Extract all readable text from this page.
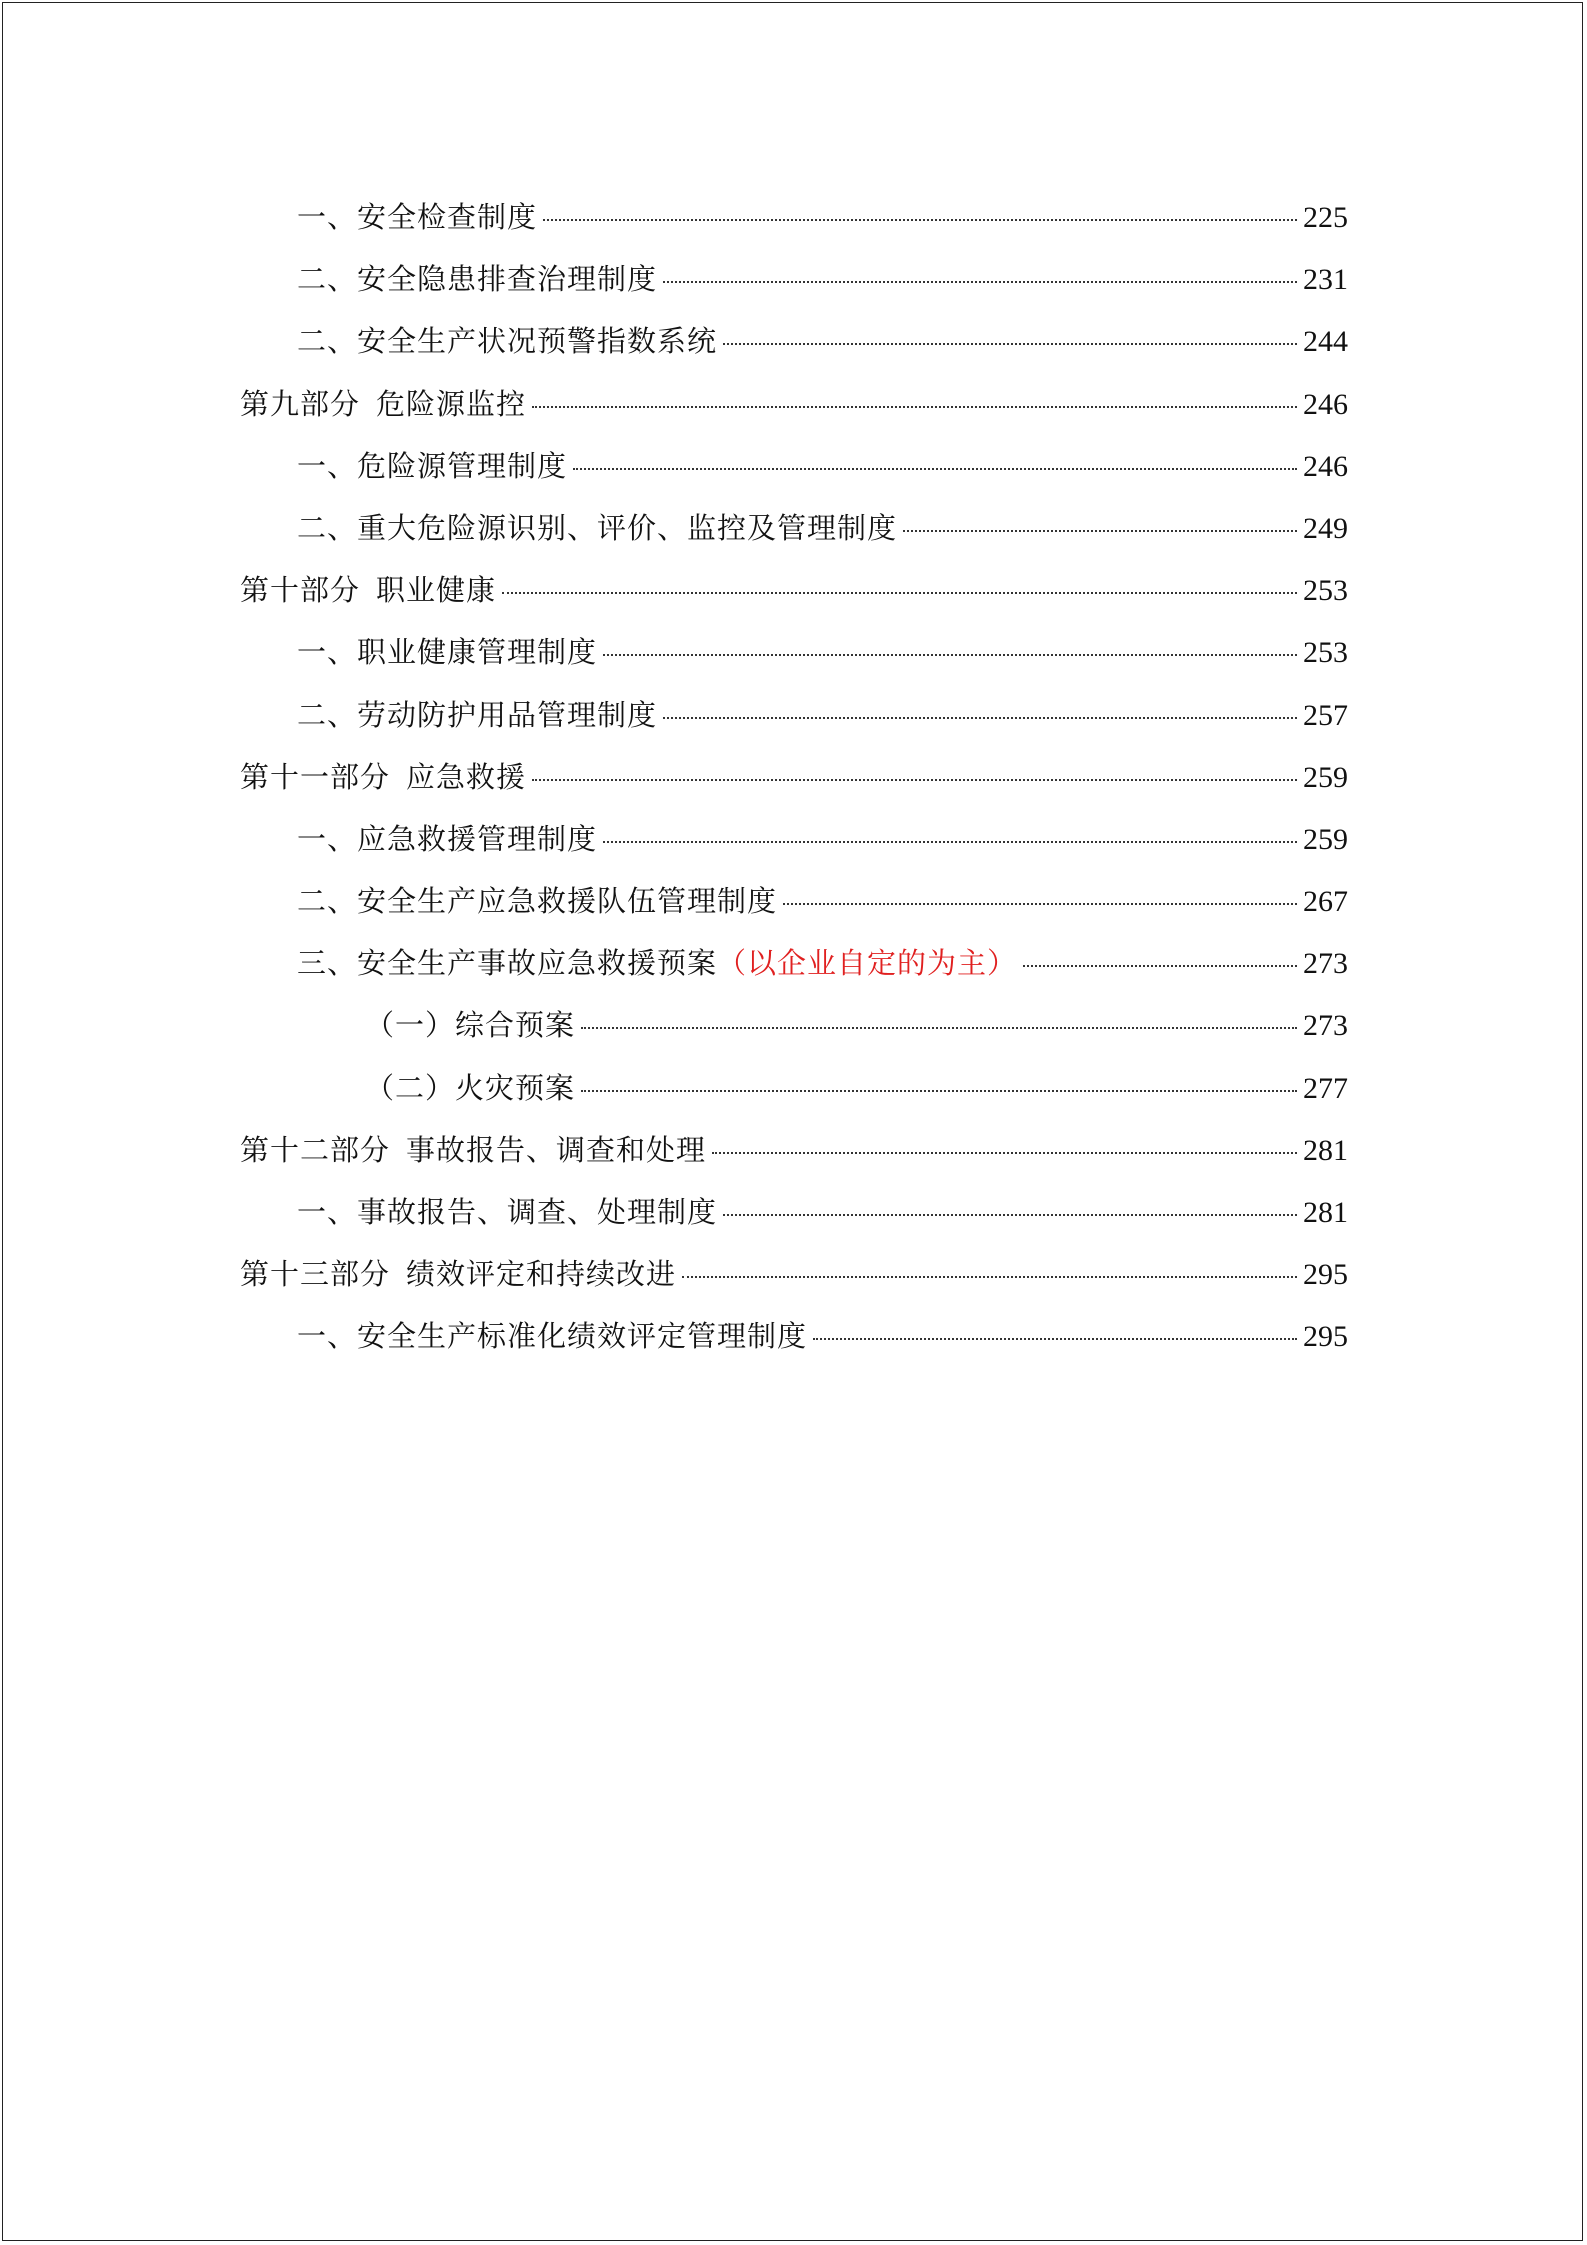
一、安全检查制度	225
二、安全隐患排查治理制度	231
二、安全生产状况预警指数系统	244
第九部分 危险源监控	246
一、危险源管理制度	246
二、重大危险源识别、评价、监控及管理制度	249
第十部分 职业健康	253
一、职业健康管理制度	253
二、劳动防护用品管理制度	257
第十一部分 应急救援	259
一、应急救援管理制度	259
二、安全生产应急救援队伍管理制度	267
三、安全生产事故应急救援预案（以企业自定的为主）	273
（一）综合预案	273
（二）火灾预案	277
第十二部分 事故报告、调查和处理	281
一、事故报告、调查、处理制度	281
第十三部分 绩效评定和持续改进	295
一、安全生产标准化绩效评定管理制度	295
